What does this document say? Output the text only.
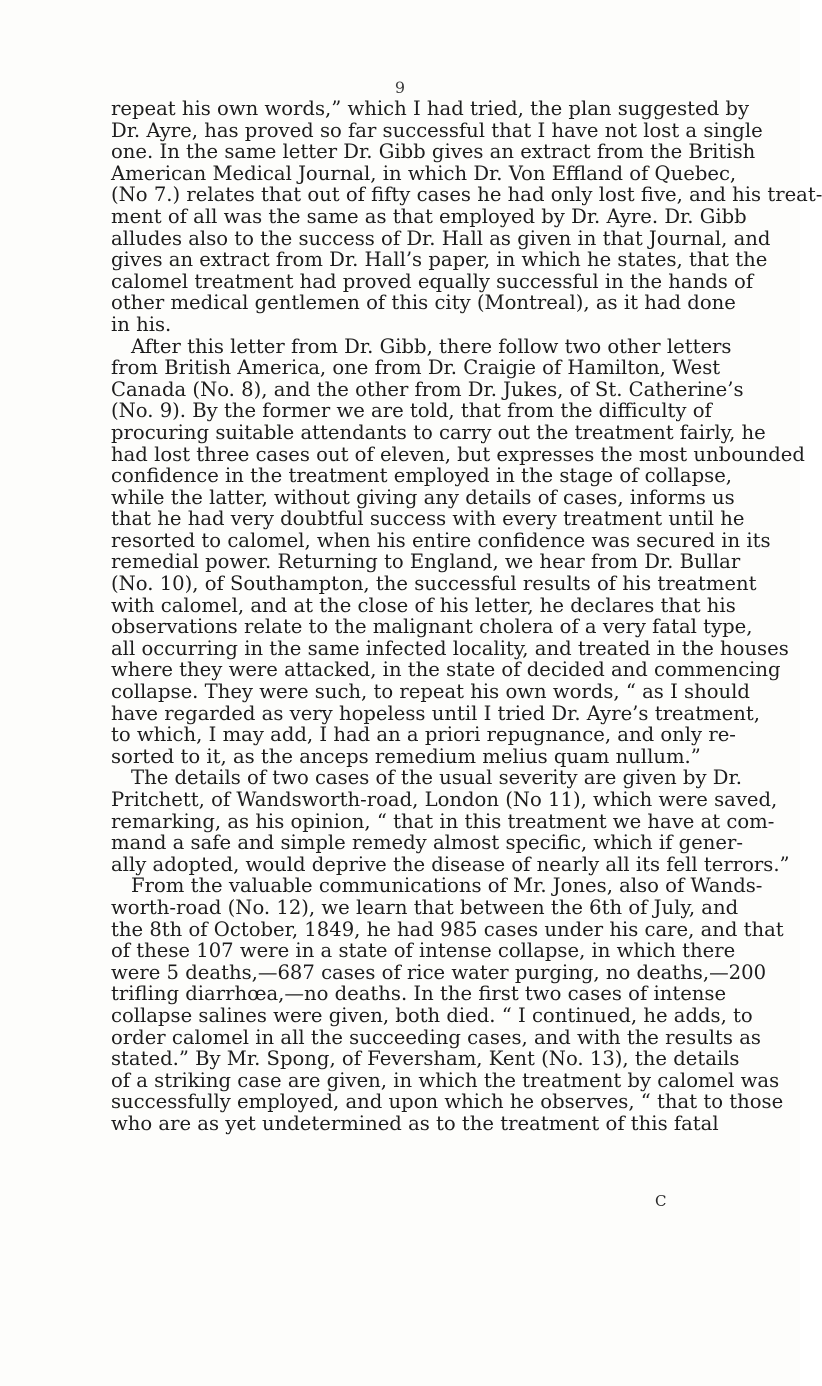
9
repeat his own words,” which I had tried, the plan suggested by
Dr. Ayre, has proved so far successful that I have not lost a single
one. In the same letter Dr. Gibb gives an extract from the British
American Medical Journal, in which Dr. Von Effland of Quebec,
(No 7.) relates that out of fifty cases he had only lost five, and his treat-
ment of all was the same as that employed by Dr. Ayre. Dr. Gibb
alludes also to the success of Dr. Hall as given in that Journal, and
gives an extract from Dr. Hall’s paper, in which he states, that the
calomel treatment had proved equally successful in the hands of
other medical gentlemen of this city (Montreal), as it had done
in his.
After this letter from Dr. Gibb, there follow two other letters
from British America, one from Dr. Craigie of Hamilton, West
Canada (No. 8), and the other from Dr. Jukes, of St. Catherine’s
(No. 9). By the former we are told, that from the difficulty of
procuring suitable attendants to carry out the treatment fairly, he
had lost three cases out of eleven, but expresses the most unbounded
confidence in the treatment employed in the stage of collapse,
while the latter, without giving any details of cases, informs us
that he had very doubtful success with every treatment until he
resorted to calomel, when his entire confidence was secured in its
remedial power. Returning to England, we hear from Dr. Bullar
(No. 10), of Southampton, the successful results of his treatment
with calomel, and at the close of his letter, he declares that his
observations relate to the malignant cholera of a very fatal type,
all occurring in the same infected locality, and treated in the houses
where they were attacked, in the state of decided and commencing
collapse. They were such, to repeat his own words, “ as I should
have regarded as very hopeless until I tried Dr. Ayre’s treatment,
to which, I may add, I had an a priori repugnance, and only re-
sorted to it, as the anceps remedium melius quam nullum.”
The details of two cases of the usual severity are given by Dr.
Pritchett, of Wandsworth-road, London (No 11), which were saved,
remarking, as his opinion, “ that in this treatment we have at com-
mand a safe and simple remedy almost specific, which if gener-
ally adopted, would deprive the disease of nearly all its fell terrors.”
From the valuable communications of Mr. Jones, also of Wands-
worth-road (No. 12), we learn that between the 6th of July, and
the 8th of October, 1849, he had 985 cases under his care, and that
of these 107 were in a state of intense collapse, in which there
were 5 deaths,—687 cases of rice water purging, no deaths,—200
trifling diarrhœa,—no deaths. In the first two cases of intense
collapse salines were given, both died. “ I continued, he adds, to
order calomel in all the succeeding cases, and with the results as
stated.” By Mr. Spong, of Feversham, Kent (No. 13), the details
of a striking case are given, in which the treatment by calomel was
successfully employed, and upon which he observes, “ that to those
who are as yet undetermined as to the treatment of this fatal
C
